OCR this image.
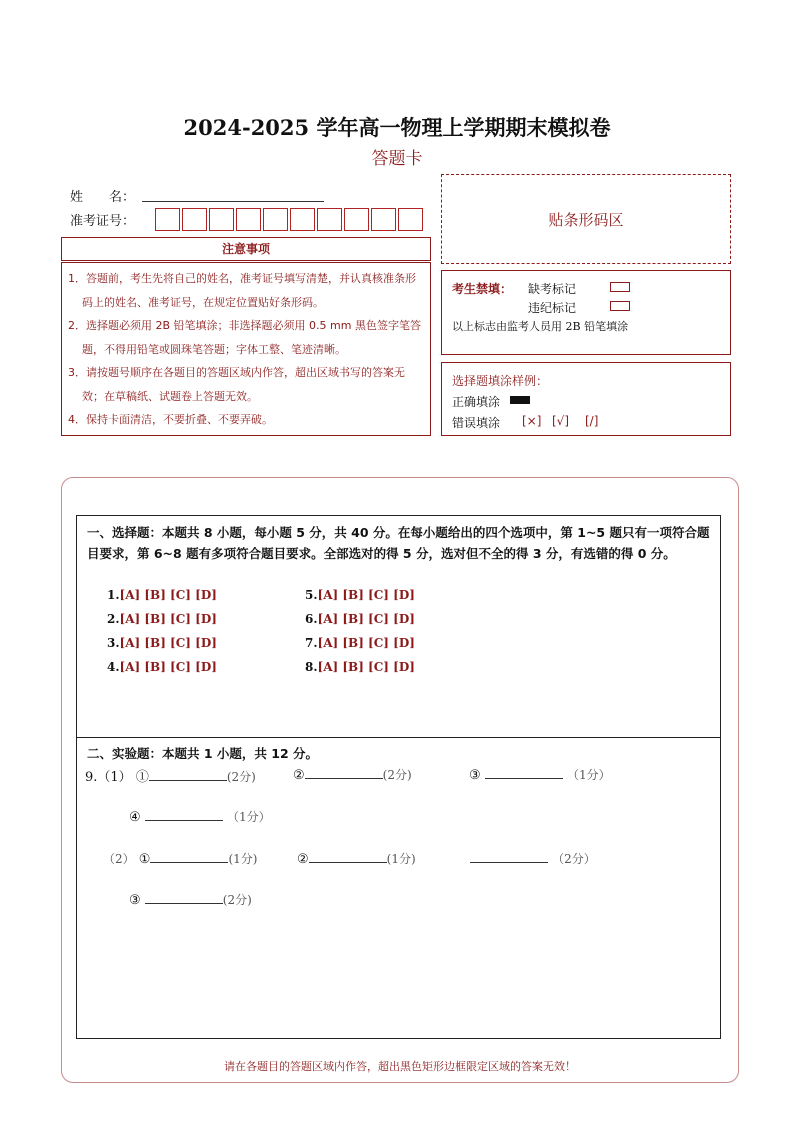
2024-2025 学年高一物理上学期期末模拟卷
答题卡
姓　　名：
准考证号：	贴条形码区
注意事项

1．答题前，考生先将自己的姓名，准考证号填写清楚，并认真核准条形码上的姓名、准考证号，在规定位置贴好条形码。

2．选择题必须用 2B 铅笔填涂；非选择题必须用 0.5 mm 黑色签字笔答题，不得用铅笔或圆珠笔答题；字体工整、笔迹清晰。

3．请按题号顺序在各题目的答题区域内作答，超出区域书写的答案无效；在草稿纸、试题卷上答题无效。

4．保持卡面清洁，不要折叠、不要弄破。

考生禁填： 缺考标记
违纪标记
以上标志由监考人员用 2B 铅笔填涂
选择题填涂样例：
正确填涂
错误填涂 [×] [√] [/]
一、选择题：本题共 8 小题，每小题 5 分，共 40 分。在每小题给出的四个选项中，第 1~5 题只有一项符合题目要求，第 6~8 题有多项符合题目要求。全部选对的得 5 分，选对但不全的得 3 分，有选错的得 0 分。
1.[A] [B] [C] [D]
2.[A] [B] [C] [D]
3.[A] [B] [C] [D]
4.[A] [B] [C] [D]
5.[A] [B] [C] [D]
6.[A] [B] [C] [D]
7.[A] [B] [C] [D]
8.[A] [B] [C] [D]
二、实验题：本题共 1 小题，共 12 分。
9.（1） ①	(2分)	②	(2分)	③	（1分）
④	（1分）
（2） ①	(1分)	②	(1分)	（2分）
③	(2分)
请在各题目的答题区域内作答，超出黑色矩形边框限定区域的答案无效！
